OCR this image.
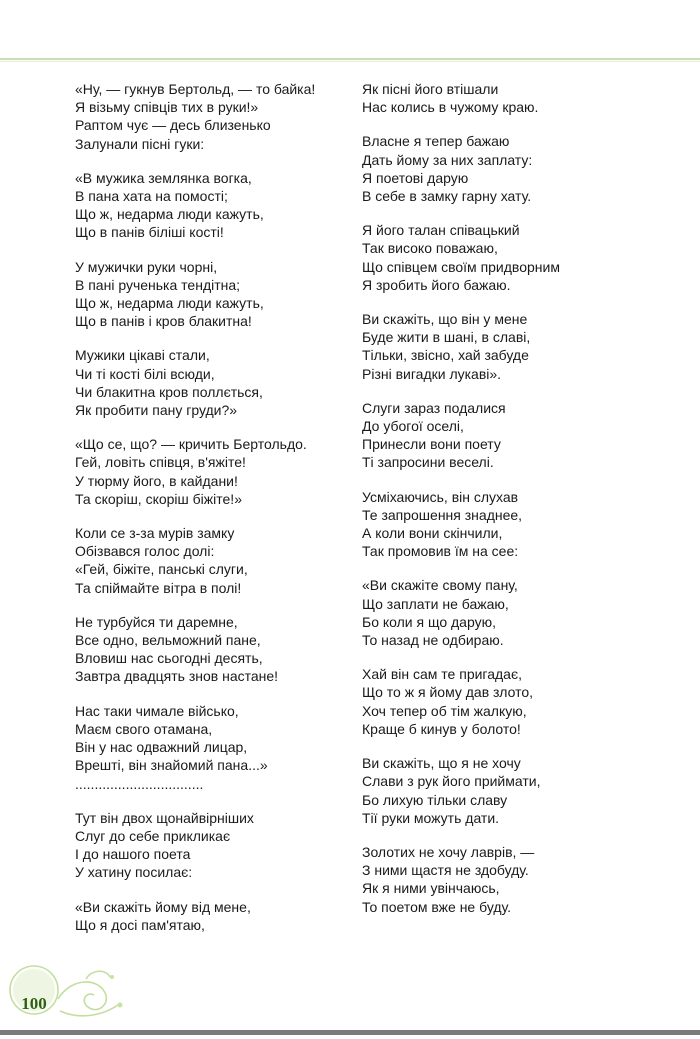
«Ну, — гукнув Бертольд, — то байка!
Я візьму співців тих в руки!»
Раптом чує — десь близенько
Залунали пісні гуки:
«В мужика землянка вогка,
В пана хата на помості;
Що ж, недарма люди кажуть,
Що в панів біліші кості!
У мужички руки чорні,
В пані рученька тендітна;
Що ж, недарма люди кажуть,
Що в панів і кров блакитна!
Мужики цікаві стали,
Чи ті кості білі всюди,
Чи блакитна кров поллється,
Як пробити пану груди?»
«Що се, що? — кричить Бертольдо.
Гей, ловіть співця, в'яжіте!
У тюрму його, в кайдани!
Та скоріш, скоріш біжіте!»
Коли се з-за мурів замку
Обізвався голос долі:
«Гей, біжіте, панські слуги,
Та спіймайте вітра в полі!
Не турбуйся ти даремне,
Все одно, вельможний пане,
Вловиш нас сьогодні десять,
Завтра двадцять знов настане!
Нас таки чимале військо,
Маєм свого отамана,
Він у нас одважний лицар,
Врешті, він знайомий пана...»
.................................
Тут він двох щонайвірніших
Слуг до себе прикликає
І до нашого поета
У хатину посилає:
«Ви скажіть йому від мене,
Що я досі пам'ятаю,
Як пісні його втішали
Нас колись в чужому краю.
Власне я тепер бажаю
Дать йому за них заплату:
Я поетові дарую
В себе в замку гарну хату.
Я його талан співацький
Так високо поважаю,
Що співцем своїм придворним
Я зробить його бажаю.
Ви скажіть, що він у мене
Буде жити в шані, в славі,
Тільки, звісно, хай забуде
Різні вигадки лукаві».
Слуги зараз подалися
До убогої оселі,
Принесли вони поету
Ті запросини веселі.
Усміхаючись, він слухав
Те запрошення знаднее,
А коли вони скінчили,
Так промовив їм на сее:
«Ви скажіте свому пану,
Що заплати не бажаю,
Бо коли я що дарую,
То назад не одбираю.
Хай він сам те пригадає,
Що то ж я йому дав злото,
Хоч тепер об тім жалкую,
Краще б кинув у болото!
Ви скажіть, що я не хочу
Слави з рук його приймати,
Бо лихую тільки славу
Тії руки можуть дати.
Золотих не хочу лаврів, —
З ними щастя не здобуду.
Як я ними увінчаюсь,
То поетом вже не буду.
100
